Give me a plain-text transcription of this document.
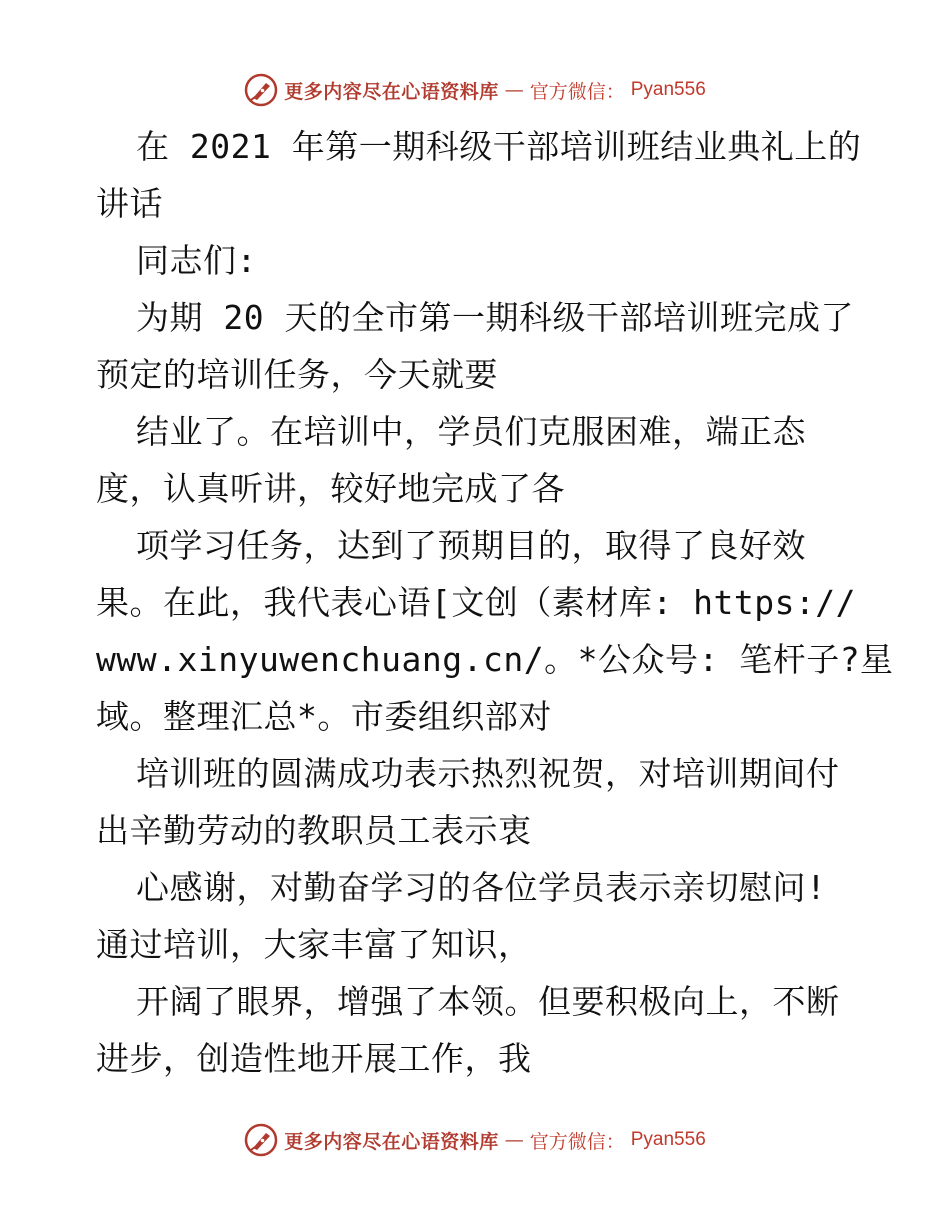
更多内容尽在心语资料库 — 官方微信： Pyan556
在 2021 年第一期科级干部培训班结业典礼上的
讲话
同志们:
为期 20 天的全市第一期科级干部培训班完成了
预定的培训任务，今天就要
结业了。在培训中，学员们克服困难，端正态
度，认真听讲，较好地完成了各
项学习任务，达到了预期目的，取得了良好效
果。在此，我代表心语[文创（素材库: https://
www.xinyuwenchuang.cn/。*公众号: 笔杆子?星
域。整理汇总*。市委组织部对
培训班的圆满成功表示热烈祝贺，对培训期间付
出辛勤劳动的教职员工表示衷
心感谢，对勤奋学习的各位学员表示亲切慰问!
通过培训，大家丰富了知识，
开阔了眼界，增强了本领。但要积极向上，不断
进步，创造性地开展工作，我
更多内容尽在心语资料库 — 官方微信： Pyan556
